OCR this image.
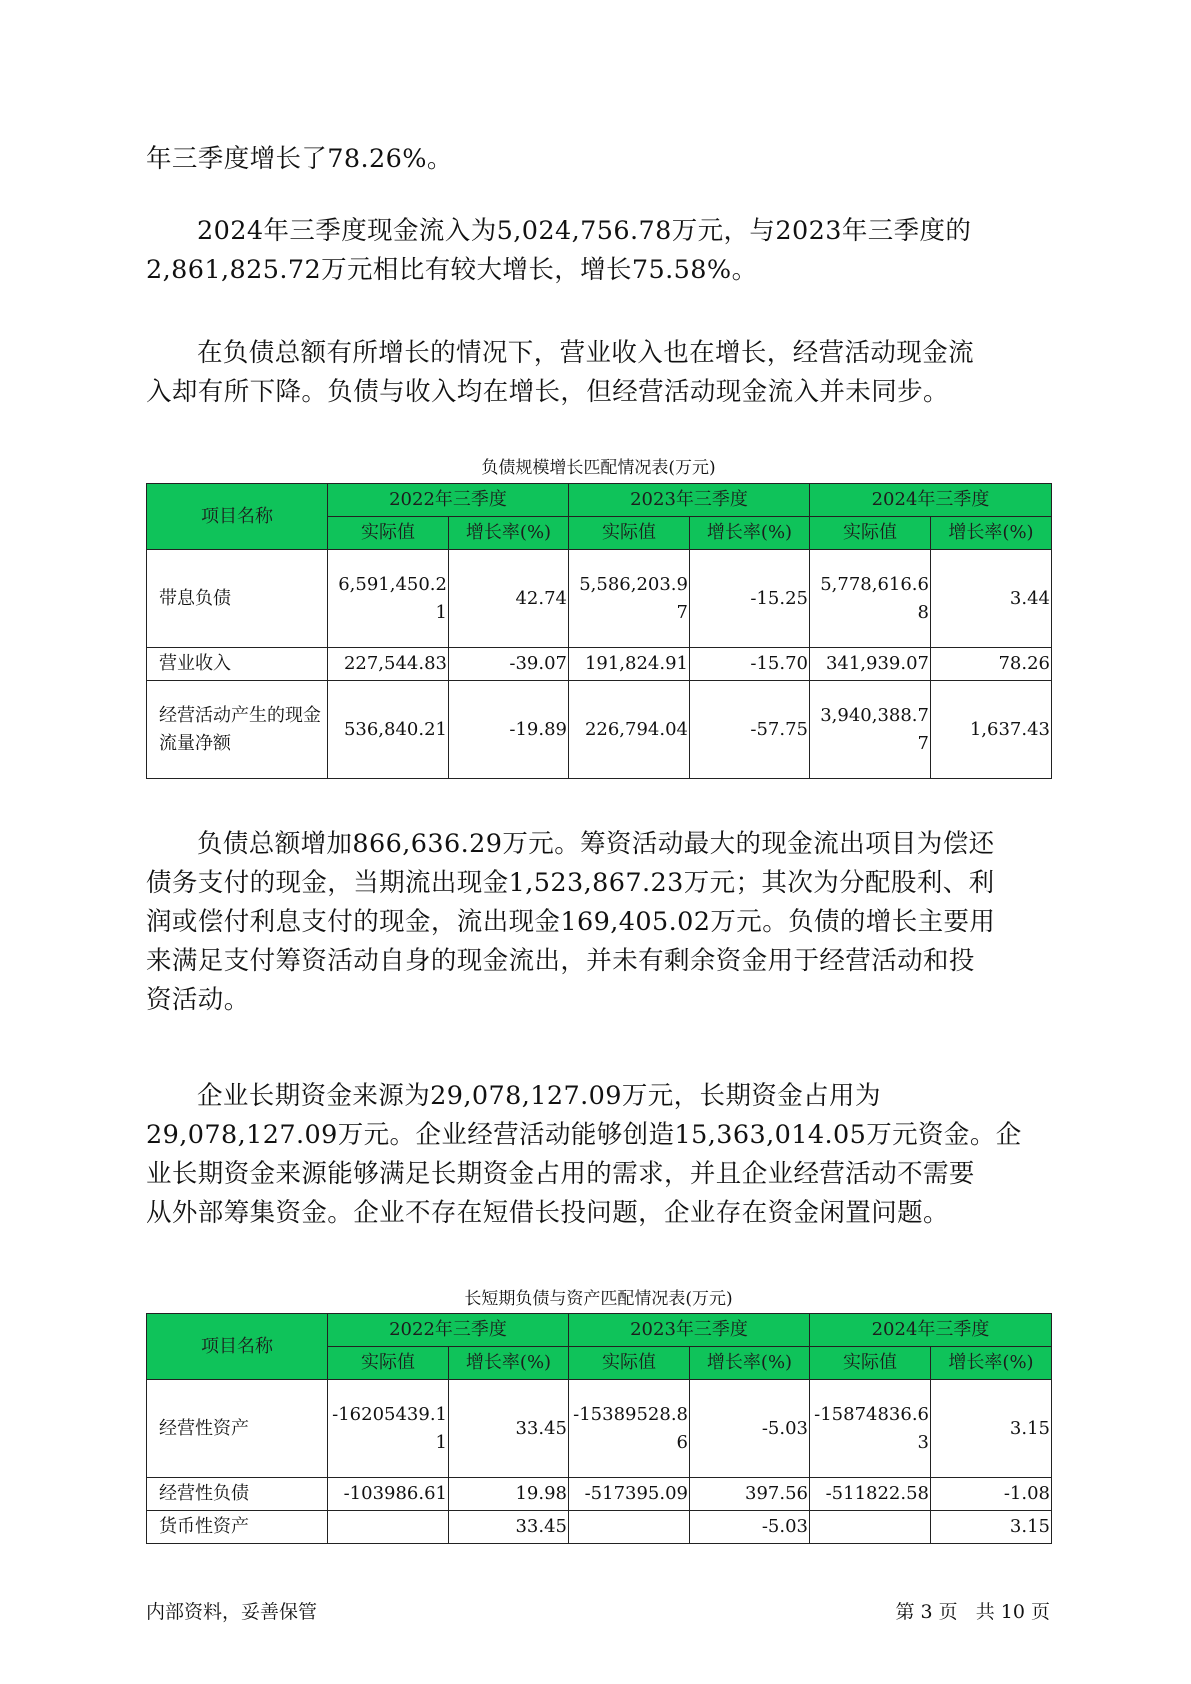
年三季度增长了78.26%。

2024年三季度现金流入为5,024,756.78万元，与2023年三季度的
2,861,825.72万元相比有较大增长，增长75.58%。

在负债总额有所增长的情况下，营业收入也在增长，经营活动现金流
入却有所下降。负债与收入均在增长，但经营活动现金流入并未同步。

负债规模增长匹配情况表(万元)

项目名称	2022年三季度		2023年三季度		2024年三季度	
	实际值	增长率(%)	实际值	增长率(%)	实际值	增长率(%)
带息负债	6,591,450.21	42.74	5,586,203.97	-15.25	5,778,616.68	3.44
营业收入	227,544.83	-39.07	191,824.91	-15.70	341,939.07	78.26
经营活动产生的现金流量净额	536,840.21	-19.89	226,794.04	-57.75	3,940,388.77	1,637.43

负债总额增加866,636.29万元。筹资活动最大的现金流出项目为偿还
债务支付的现金，当期流出现金1,523,867.23万元；其次为分配股利、利
润或偿付利息支付的现金，流出现金169,405.02万元。负债的增长主要用
来满足支付筹资活动自身的现金流出，并未有剩余资金用于经营活动和投
资活动。

企业长期资金来源为29,078,127.09万元，长期资金占用为
29,078,127.09万元。企业经营活动能够创造15,363,014.05万元资金。企
业长期资金来源能够满足长期资金占用的需求，并且企业经营活动不需要
从外部筹集资金。企业不存在短借长投问题，企业存在资金闲置问题。

长短期负债与资产匹配情况表(万元)

项目名称	2022年三季度		2023年三季度		2024年三季度	
	实际值	增长率(%)	实际值	增长率(%)	实际值	增长率(%)
经营性资产	-16205439.11	33.45	-15389528.86	-5.03	-15874836.63	3.15
经营性负债	-103986.61	19.98	-517395.09	397.56	-511822.58	-1.08
货币性资产		33.45		-5.03		3.15

内部资料，妥善保管	第 3 页   共 10 页
